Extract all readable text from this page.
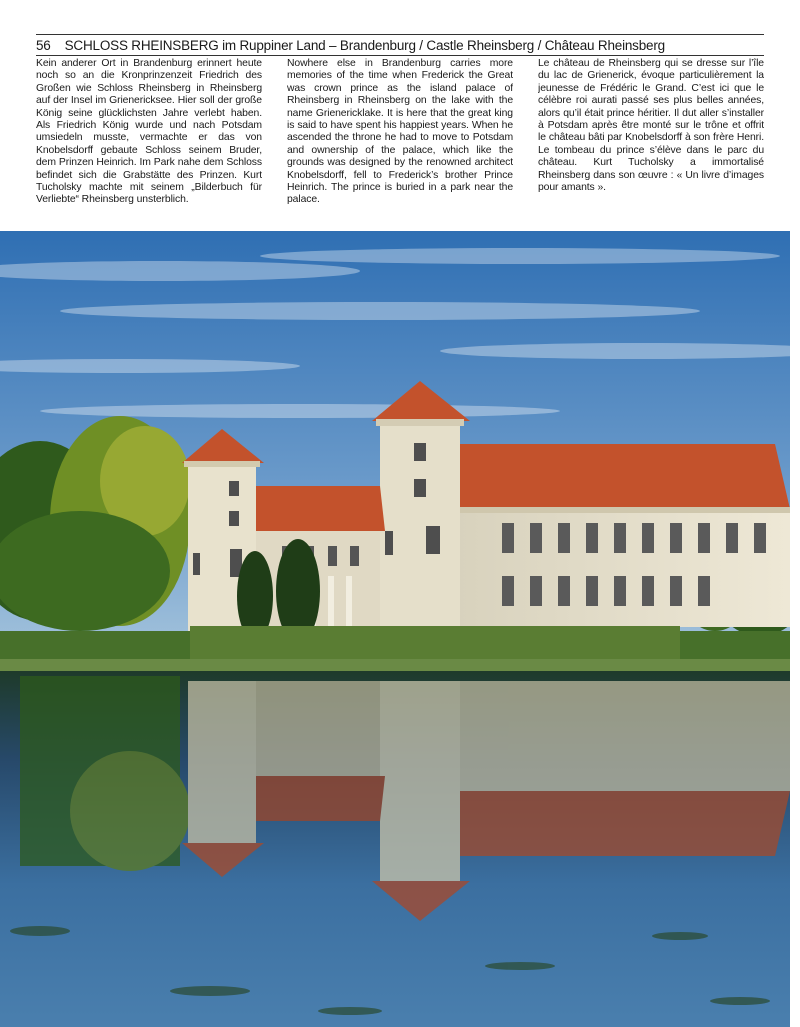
56 SCHLOSS RHEINSBERG im Ruppiner Land – Brandenburg / Castle Rheinsberg / Château Rheinsberg
Kein anderer Ort in Brandenburg erinnert heute noch so an die Kronprinzenzeit Friedrich des Großen wie Schloss Rheinsberg in Rheinsberg auf der Insel im Grienericksee. Hier soll der große König seine glücklichsten Jahre verlebt haben. Als Friedrich König wurde und nach Potsdam umsiedeln musste, vermachte er das von Knobelsdorff gebaute Schloss seinem Bruder, dem Prinzen Heinrich. Im Park nahe dem Schloss befindet sich die Grabstätte des Prinzen. Kurt Tucholsky machte mit seinem „Bilderbuch für Verliebte“ Rheinsberg unsterblich.
Nowhere else in Brandenburg carries more memories of the time when Frederick the Great was crown prince as the island palace of Rheinsberg in Rheinsberg on the lake with the name Grienericklake. It is here that the great king is said to have spent his happiest years. When he ascended the throne he had to move to Potsdam and ownership of the palace, which like the grounds was designed by the renowned architect Knobelsdorff, fell to Frederick’s brother Prince Heinrich. The prince is buried in a park near the palace.
Le château de Rheinsberg qui se dresse sur l’île du lac de Grienerick, évoque particulièrement la jeunesse de Frédéric le Grand. C’est ici que le célèbre roi aurati passé ses plus belles années, alors qu’il était prince héritier. Il dut aller s’installer à Potsdam après être monté sur le trône et offrit le château bâti par Knobelsdorff à son frère Henri. Le tombeau du prince s’élève dans le parc du château. Kurt Tucholsky a immortalisé Rheinsberg dans son œuvre : « Un livre d’images pour amants ».
